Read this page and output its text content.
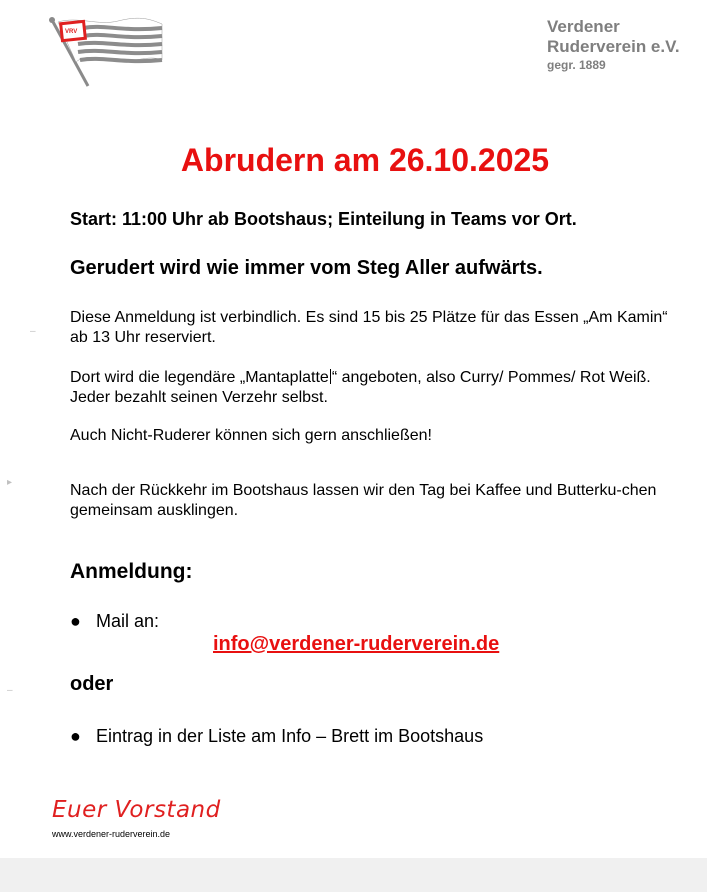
VRV	Verdener
Ruderverein e.V.
gegr. 1889
Abrudern am 26.10.2025

Start: 11:00 Uhr ab Bootshaus; Einteilung in Teams vor Ort.

Gerudert wird wie immer vom Steg Aller aufwärts.

–

Diese Anmeldung ist verbindlich. Es sind 15 bis 25 Plätze für das Essen „Am Kamin“ ab 13 Uhr reserviert.

Dort wird die legendäre „Mantaplatte “ angeboten, also Curry/ Pommes/ Rot Weiß. Jeder bezahlt seinen Verzehr selbst.

Auch Nicht-Ruderer können sich gern anschließen!

▸	Nach der Rückkehr im Bootshaus lassen wir den Tag bei Kaffee und Butterku-chen gemeinsam ausklingen.

Anmeldung:
● Mail an:
info@verdener-ruderverein.de
–	oder

● Eintrag in der Liste am Info – Brett im Bootshaus
Euer Vorstand
www.verdener-ruderverein.de
